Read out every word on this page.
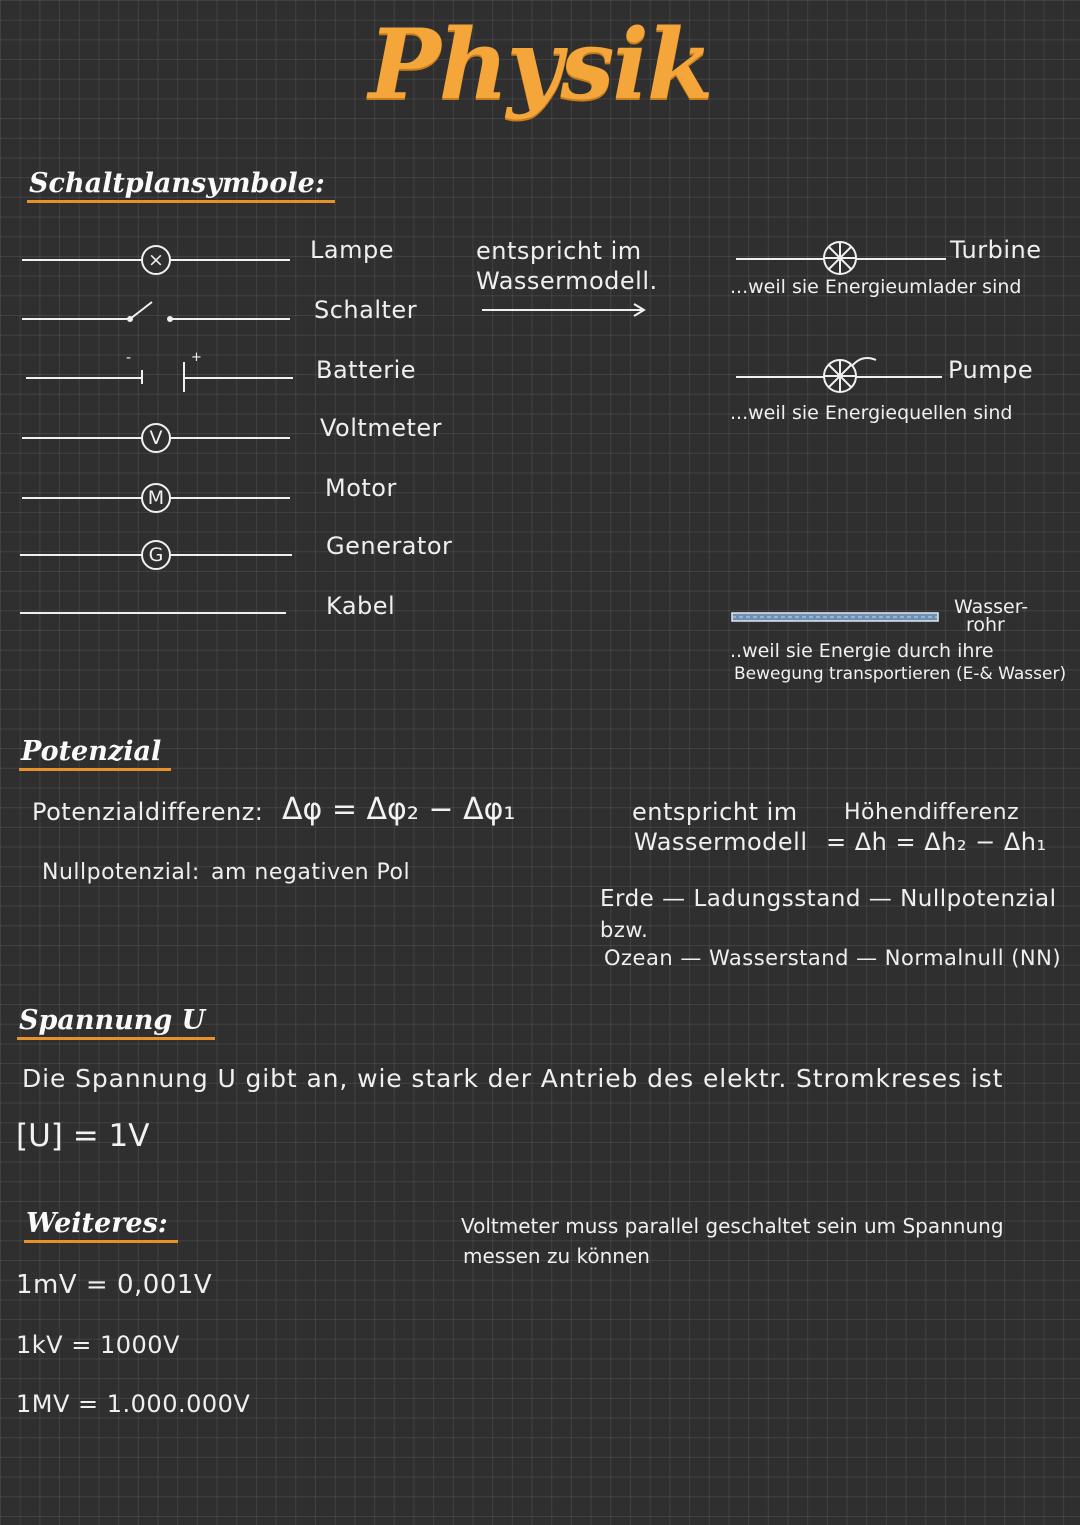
Physik
Schaltplansymbole:
×	Lampe
Schalter
-	+	Batterie
V	Voltmeter
M	Motor
G	Generator
Kabel
entspricht im Wassermodell.
Turbine
...weil sie Energieumlader sind
Pumpe
...weil sie Energiequellen sind
Wasser-
rohr
..weil sie Energie durch ihre
Bewegung transportieren (E-& Wasser)
Potenzial
Potenzialdifferenz: Δφ = Δφ₂ − Δφ₁
Nullpotenzial: am negativen Pol
entspricht im
Wassermodell
Höhendifferenz
= Δh = Δh₂ − Δh₁
Erde — Ladungsstand — Nullpotenzial
bzw.
Ozean — Wasserstand — Normalnull (NN)
Spannung U
Die Spannung U gibt an, wie stark der Antrieb des elektr. Stromkreses ist
[U] = 1V
Weiteres:
1mV = 0,001V
1kV = 1000V
1MV = 1.000.000V
Voltmeter muss parallel geschaltet sein um Spannung
messen zu können
